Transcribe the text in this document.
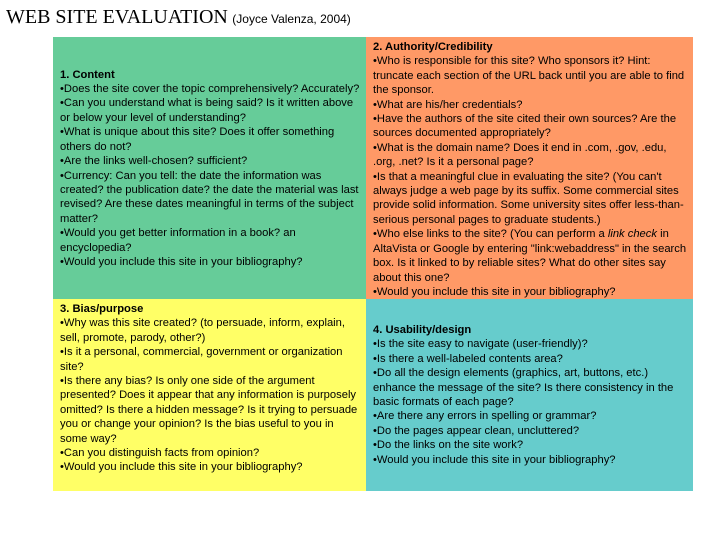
WEB SITE EVALUATION (Joyce Valenza, 2004)
1. Content
•Does the site cover the topic comprehensively? Accurately?
•Can you understand what is being said? Is it written above or below your level of understanding?
•What is unique about this site? Does it offer something others do not?
•Are the links well-chosen? sufficient?
•Currency: Can you tell: the date the information was created? the publication date? the date the material was last revised? Are these dates meaningful in terms of the subject matter?
•Would you get better information in a book? an encyclopedia?
•Would you include this site in your bibliography?
2. Authority/Credibility
•Who is responsible for this site? Who sponsors it? Hint: truncate each section of the URL back until you are able to find the sponsor.
•What are his/her credentials?
•Have the authors of the site cited their own sources? Are the sources documented appropriately?
•What is the domain name? Does it end in .com, .gov, .edu, .org, .net? Is it a personal page?
•Is that a meaningful clue in evaluating the site? (You can't always judge a web page by its suffix. Some commercial sites provide solid information. Some university sites offer less-than-serious personal pages to graduate students.)
•Who else links to the site? (You can perform a link check in AltaVista or Google by entering "link:webaddress" in the search box. Is it linked to by reliable sites? What do other sites say about this one?
•Would you include this site in your bibliography?
3. Bias/purpose
•Why was this site created? (to persuade, inform, explain, sell, promote, parody, other?)
•Is it a personal, commercial, government or organization site?
•Is there any bias? Is only one side of the argument presented? Does it appear that any information is purposely omitted? Is there a hidden message? Is it trying to persuade you or change your opinion? Is the bias useful to you in some way?
•Can you distinguish facts from opinion?
•Would you include this site in your bibliography?
4. Usability/design
•Is the site easy to navigate (user-friendly)?
•Is there a well-labeled contents area?
•Do all the design elements (graphics, art, buttons, etc.) enhance the message of the site? Is there consistency in the basic formats of each page?
•Are there any errors in spelling or grammar?
•Do the pages appear clean, uncluttered?
•Do the links on the site work?
•Would you include this site in your bibliography?
